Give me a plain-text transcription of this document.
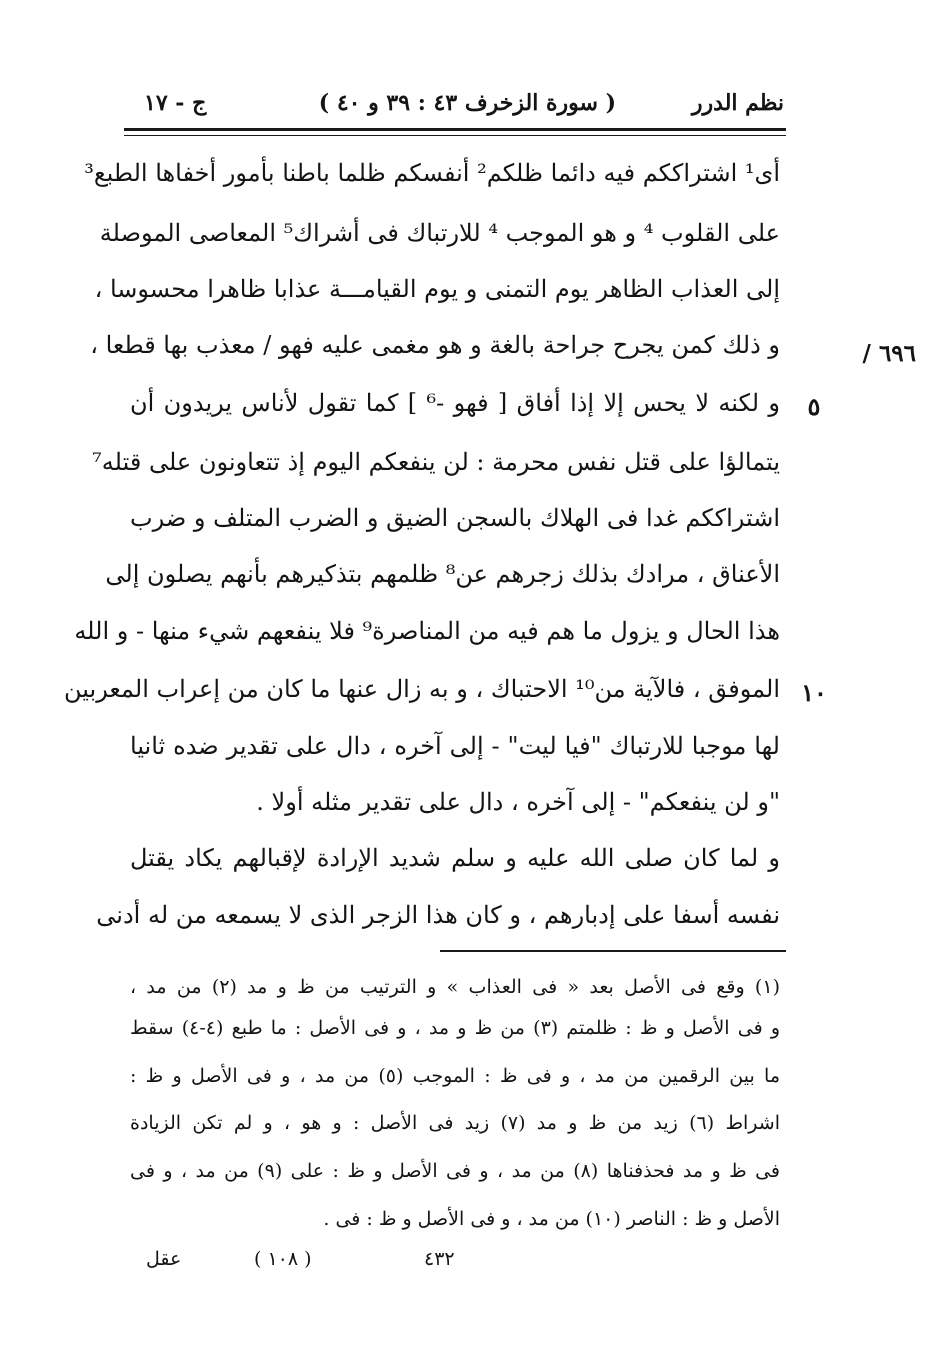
نظم الدرر
( سورة الزخرف ٤٣ : ٣٩ و ٤٠ )
ج - ١٧
٦٩٦ /
أى¹ اشتراككم فيه دائما ظلكم² أنفسكم ظلما باطنا بأمور أخفاها الطبع³
على القلوب ⁴ و هو الموجب ⁴ للارتباك فى أشراك⁵ المعاصى الموصلة
إلى العذاب الظاهر يوم التمنى و يوم القيامـــة عذابا ظاهرا محسوسا ،
و ذلك كمن يجرح جراحة بالغة و هو مغمى عليه فهو / معذب بها قطعا ،
و لكنه لا يحس إلا إذا أفاق [ فهو -⁶ ] كما تقول لأناس يريدون أن
يتمالؤا على قتل نفس محرمة : لن ينفعكم اليوم إذ تتعاونون على قتله⁷
اشتراككم غدا فى الهلاك بالسجن الضيق و الضرب المتلف و ضرب
الأعناق ، مرادك بذلك زجرهم عن⁸ ظلمهم بتذكيرهم بأنهم يصلون إلى
هذا الحال و يزول ما هم فيه من المناصرة⁹ فلا ينفعهم شيء منها - و الله
الموفق ، فالآية من¹⁰ الاحتباك ، و به زال عنها ما كان من إعراب المعربين
لها موجبا للارتباك "فيا ليت" - إلى آخره ، دال على تقدير ضده ثانيا
"و لن ينفعكم" - إلى آخره ، دال على تقدير مثله أولا .
و لما كان صلى الله عليه و سلم شديد الإرادة لإقبالهم يكاد يقتل
نفسه أسفا على إدبارهم ، و كان هذا الزجر الذى لا يسمعه من له أدنى
٥
١٠
(١) وقع فى الأصل بعد « فى العذاب » و الترتيب من ظ و مد (٢) من مد ،
و فى الأصل و ظ : ظلمتم (٣) من ظ و مد ، و فى الأصل : ما طبع (٤-٤) سقط
ما بين الرقمين من مد ، و فى ظ : الموجب (٥) من مد ، و فى الأصل و ظ :
اشراط (٦) زيد من ظ و مد (٧) زيد فى الأصل : و هو ، و لم تكن الزيادة
فى ظ و مد فحذفناها (٨) من مد ، و فى الأصل و ظ : على (٩) من مد ، و فى
الأصل و ظ : الناصر (١٠) من مد ، و فى الأصل و ظ : فى .
٤٣٢
( ١٠٨ )
عقل
